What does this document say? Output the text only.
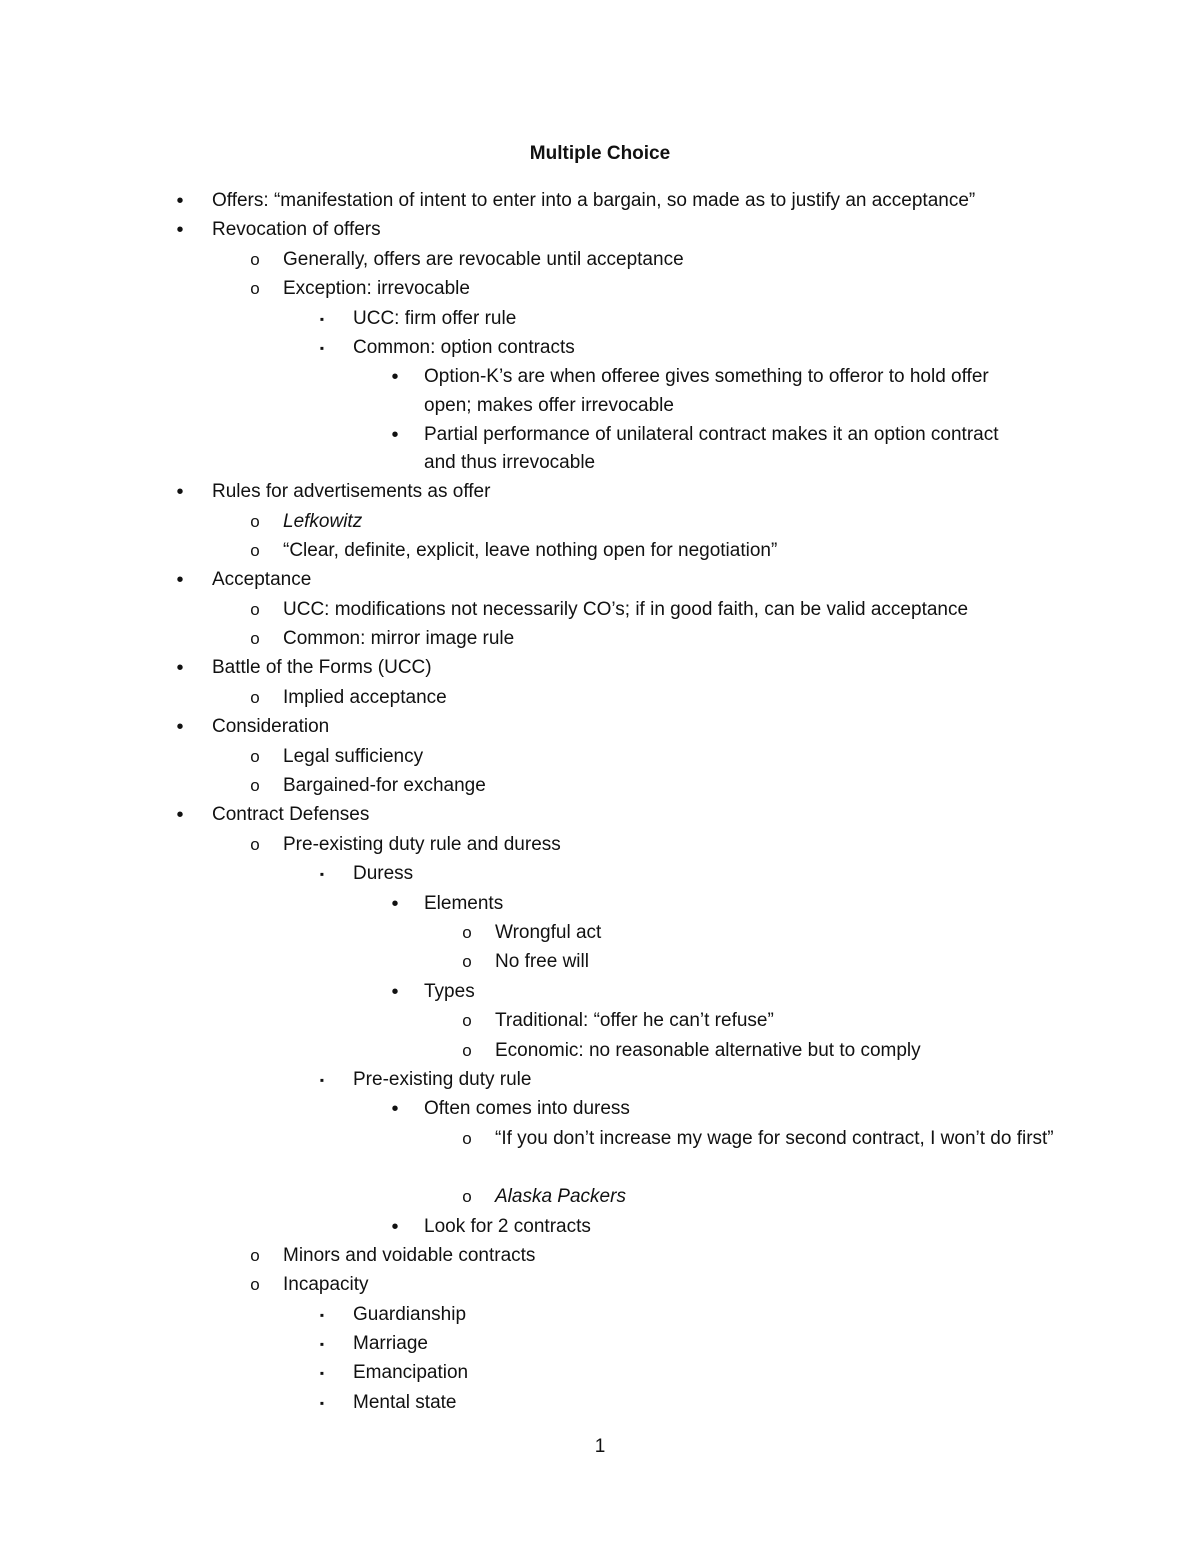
Multiple Choice
•	Offers: “manifestation of intent to enter into a bargain, so made as to justify an acceptance”
•	Revocation of offers
o Generally, offers are revocable until acceptance
o Exception: irrevocable
▪	UCC: firm offer rule
▪	Common: option contracts
•	Option-K’s are when offeree gives something to offeror to hold offer open; makes offer irrevocable
•	Partial performance of unilateral contract makes it an option contract and thus irrevocable
•	Rules for advertisements as offer
o Lefkowitz
o “Clear, definite, explicit, leave nothing open for negotiation”
•	Acceptance
o UCC: modifications not necessarily CO’s; if in good faith, can be valid acceptance
o Common: mirror image rule
•	Battle of the Forms (UCC)
o Implied acceptance
•	Consideration
o Legal sufficiency
o Bargained-for exchange
•	Contract Defenses
o Pre-existing duty rule and duress
▪	Duress
•	Elements
o Wrongful act
o No free will
•	Types
o Traditional: “offer he can’t refuse”
o Economic: no reasonable alternative but to comply
▪	Pre-existing duty rule
•	Often comes into duress
o “If you don’t increase my wage for second contract, I won’t do first”
o Alaska Packers
•	Look for 2 contracts
o Minors and voidable contracts
o Incapacity
▪	Guardianship
▪	Marriage
▪	Emancipation
▪	Mental state
1
